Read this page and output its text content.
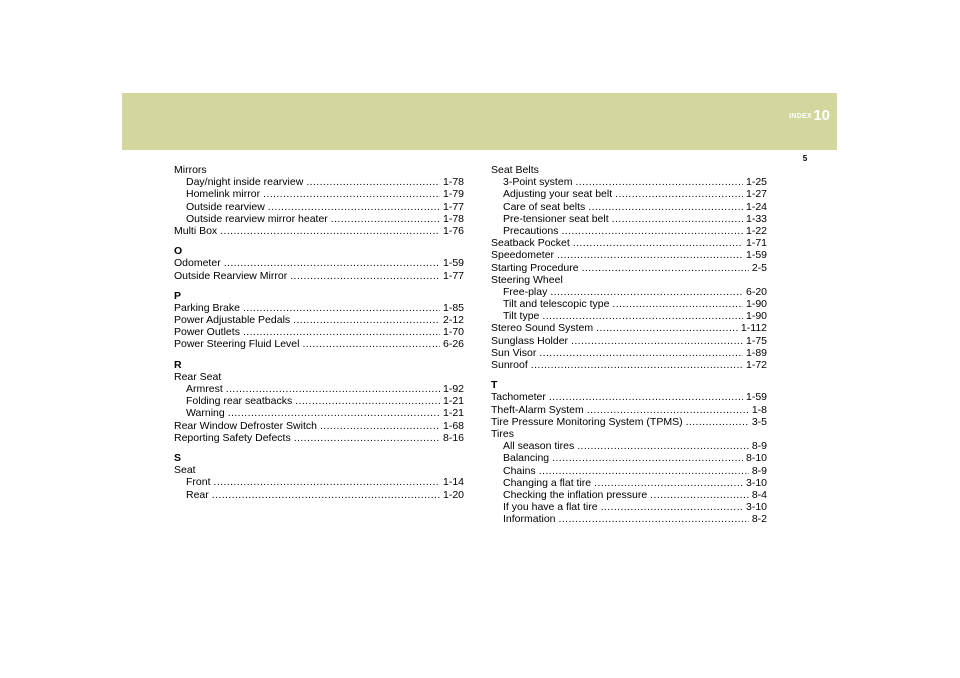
INDEX 10
5
Mirrors
Day/night inside rearview .....	1-78
Homelink mirror .....	1-79
Outside rearview .....	1-77
Outside rearview mirror heater .....	1-78
Multi Box .....	1-76
O
Odometer .....	1-59
Outside Rearview Mirror .....	1-77
P
Parking Brake .....	1-85
Power Adjustable Pedals .....	2-12
Power Outlets .....	1-70
Power Steering Fluid Level .....	6-26
R
Rear Seat
Armrest .....	1-92
Folding rear seatbacks .....	1-21
Warning .....	1-21
Rear Window Defroster Switch .....	1-68
Reporting Safety Defects .....	8-16
S
Seat
Front .....	1-14
Rear .....	1-20
Seat Belts
3-Point system .....	1-25
Adjusting your seat belt .....	1-27
Care of seat belts .....	1-24
Pre-tensioner seat belt .....	1-33
Precautions .....	1-22
Seatback Pocket .....	1-71
Speedometer .....	1-59
Starting Procedure .....	2-5
Steering Wheel
Free-play .....	6-20
Tilt and telescopic type .....	1-90
Tilt type .....	1-90
Stereo Sound System .....	1-112
Sunglass Holder .....	1-75
Sun Visor .....	1-89
Sunroof .....	1-72
T
Tachometer .....	1-59
Theft-Alarm System .....	1-8
Tire Pressure Monitoring System (TPMS) .....	3-5
Tires
All season tires .....	8-9
Balancing .....	8-10
Chains .....	8-9
Changing a flat tire .....	3-10
Checking the inflation pressure .....	8-4
If you have a flat tire .....	3-10
Information .....	8-2
